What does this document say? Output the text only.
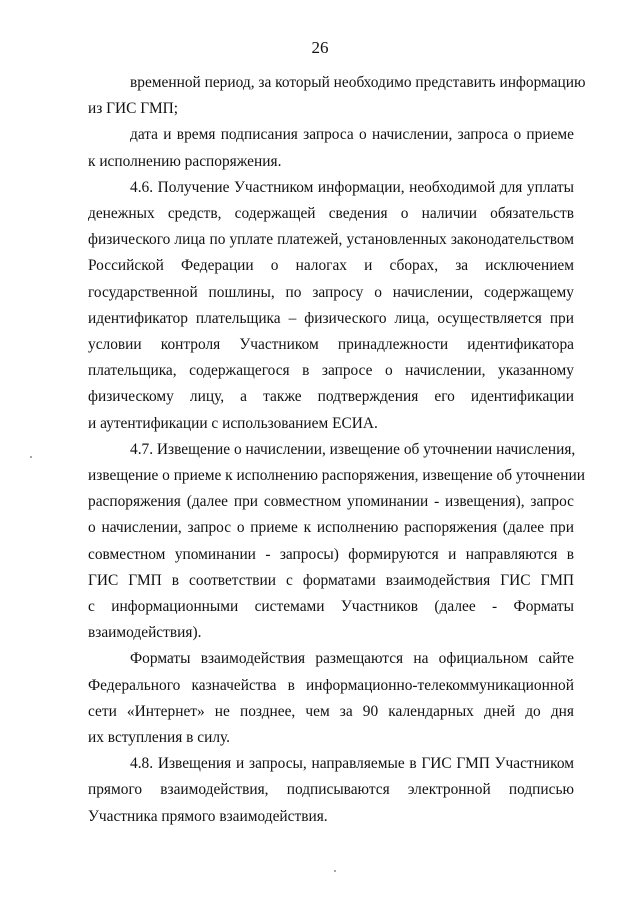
26
временной период, за который необходимо представить информацию
из ГИС ГМП;
дата и время подписания запроса о начислении, запроса о приеме
к исполнению распоряжения.
4.6. Получение Участником информации, необходимой для уплаты
денежных средств, содержащей сведения о наличии обязательств
физического лица по уплате платежей, установленных законодательством
Российской Федерации о налогах и сборах, за исключением
государственной пошлины, по запросу о начислении, содержащему
идентификатор плательщика – физического лица, осуществляется при
условии контроля Участником принадлежности идентификатора
плательщика, содержащегося в запросе о начислении, указанному
физическому лицу, а также подтверждения его идентификации
и аутентификации с использованием ЕСИА.
4.7. Извещение о начислении, извещение об уточнении начисления,
извещение о приеме к исполнению распоряжения, извещение об уточнении
распоряжения (далее при совместном упоминании - извещения), запрос
о начислении, запрос о приеме к исполнению распоряжения (далее при
совместном упоминании - запросы) формируются и направляются в
ГИС ГМП в соответствии с форматами взаимодействия ГИС ГМП
с информационными системами Участников (далее - Форматы
взаимодействия).
Форматы взаимодействия размещаются на официальном сайте
Федерального казначейства в информационно-телекоммуникационной
сети «Интернет» не позднее, чем за 90 календарных дней до дня
их вступления в силу.
4.8. Извещения и запросы, направляемые в ГИС ГМП Участником
прямого взаимодействия, подписываются электронной подписью
Участника прямого взаимодействия.
